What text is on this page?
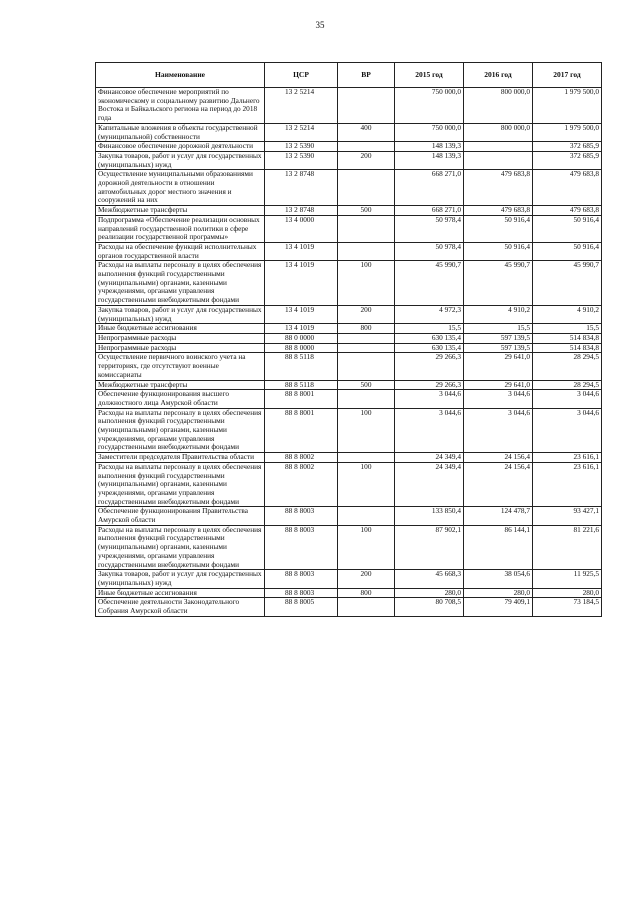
35
Наименование	ЦСР	ВР	2015 год	2016 год	2017 год
Финансовое обеспечение мероприятий по экономическому и социальному развитию Дальнего Востока и Байкальского региона на период до 2018 года	13 2 5214		750 000,0	800 000,0	1 979 500,0
Капитальные вложения в объекты государственной (муниципальной) собственности	13 2 5214	400	750 000,0	800 000,0	1 979 500,0
Финансовое обеспечение дорожной деятельности	13 2 5390		148 139,3		372 685,9
Закупка товаров, работ и услуг для государственных (муниципальных) нужд	13 2 5390	200	148 139,3		372 685,9
Осуществление муниципальными образованиями дорожной деятельности в отношении автомобильных дорог местного значения и сооружений на них	13 2 8748		668 271,0	479 683,8	479 683,8
Межбюджетные трансферты	13 2 8748	500	668 271,0	479 683,8	479 683,8
Подпрограмма «Обеспечение реализации основных направлений государственной политики в сфере реализации государственной программы»	13 4 0000		50 978,4	50 916,4	50 916,4
Расходы на обеспечение функций исполнительных органов государственной власти	13 4 1019		50 978,4	50 916,4	50 916,4
Расходы на выплаты персоналу в целях обеспечения выполнения функций государственными (муниципальными) органами, казенными учреждениями, органами управления государственными внебюджетными фондами	13 4 1019	100	45 990,7	45 990,7	45 990,7
Закупка товаров, работ и услуг для государственных (муниципальных) нужд	13 4 1019	200	4 972,3	4 910,2	4 910,2
Иные бюджетные ассигнования	13 4 1019	800	15,5	15,5	15,5
Непрограммные расходы	88 0 0000		630 135,4	597 139,5	514 834,8
Непрограммные расходы	88 8 0000		630 135,4	597 139,5	514 834,8
Осуществление первичного воинского учета на территориях, где отсутствуют военные комиссариаты	88 8 5118		29 266,3	29 641,0	28 294,5
Межбюджетные трансферты	88 8 5118	500	29 266,3	29 641,0	28 294,5
Обеспечение функционирования высшего должностного лица Амурской области	88 8 8001		3 044,6	3 044,6	3 044,6
Расходы на выплаты персоналу в целях обеспечения выполнения функций государственными (муниципальными) органами, казенными учреждениями, органами управления государственными внебюджетными фондами	88 8 8001	100	3 044,6	3 044,6	3 044,6
Заместители председателя Правительства области	88 8 8002		24 349,4	24 156,4	23 616,1
Расходы на выплаты персоналу в целях обеспечения выполнения функций государственными (муниципальными) органами, казенными учреждениями, органами управления государственными внебюджетными фондами	88 8 8002	100	24 349,4	24 156,4	23 616,1
Обеспечение функционирования Правительства Амурской области	88 8 8003		133 850,4	124 478,7	93 427,1
Расходы на выплаты персоналу в целях обеспечения выполнения функций государственными (муниципальными) органами, казенными учреждениями, органами управления государственными внебюджетными фондами	88 8 8003	100	87 902,1	86 144,1	81 221,6
Закупка товаров, работ и услуг для государственных (муниципальных) нужд	88 8 8003	200	45 668,3	38 054,6	11 925,5
Иные бюджетные ассигнования	88 8 8003	800	280,0	280,0	280,0
Обеспечение деятельности Законодательного Собрания Амурской области	88 8 8005		80 708,5	79 409,1	73 184,5
